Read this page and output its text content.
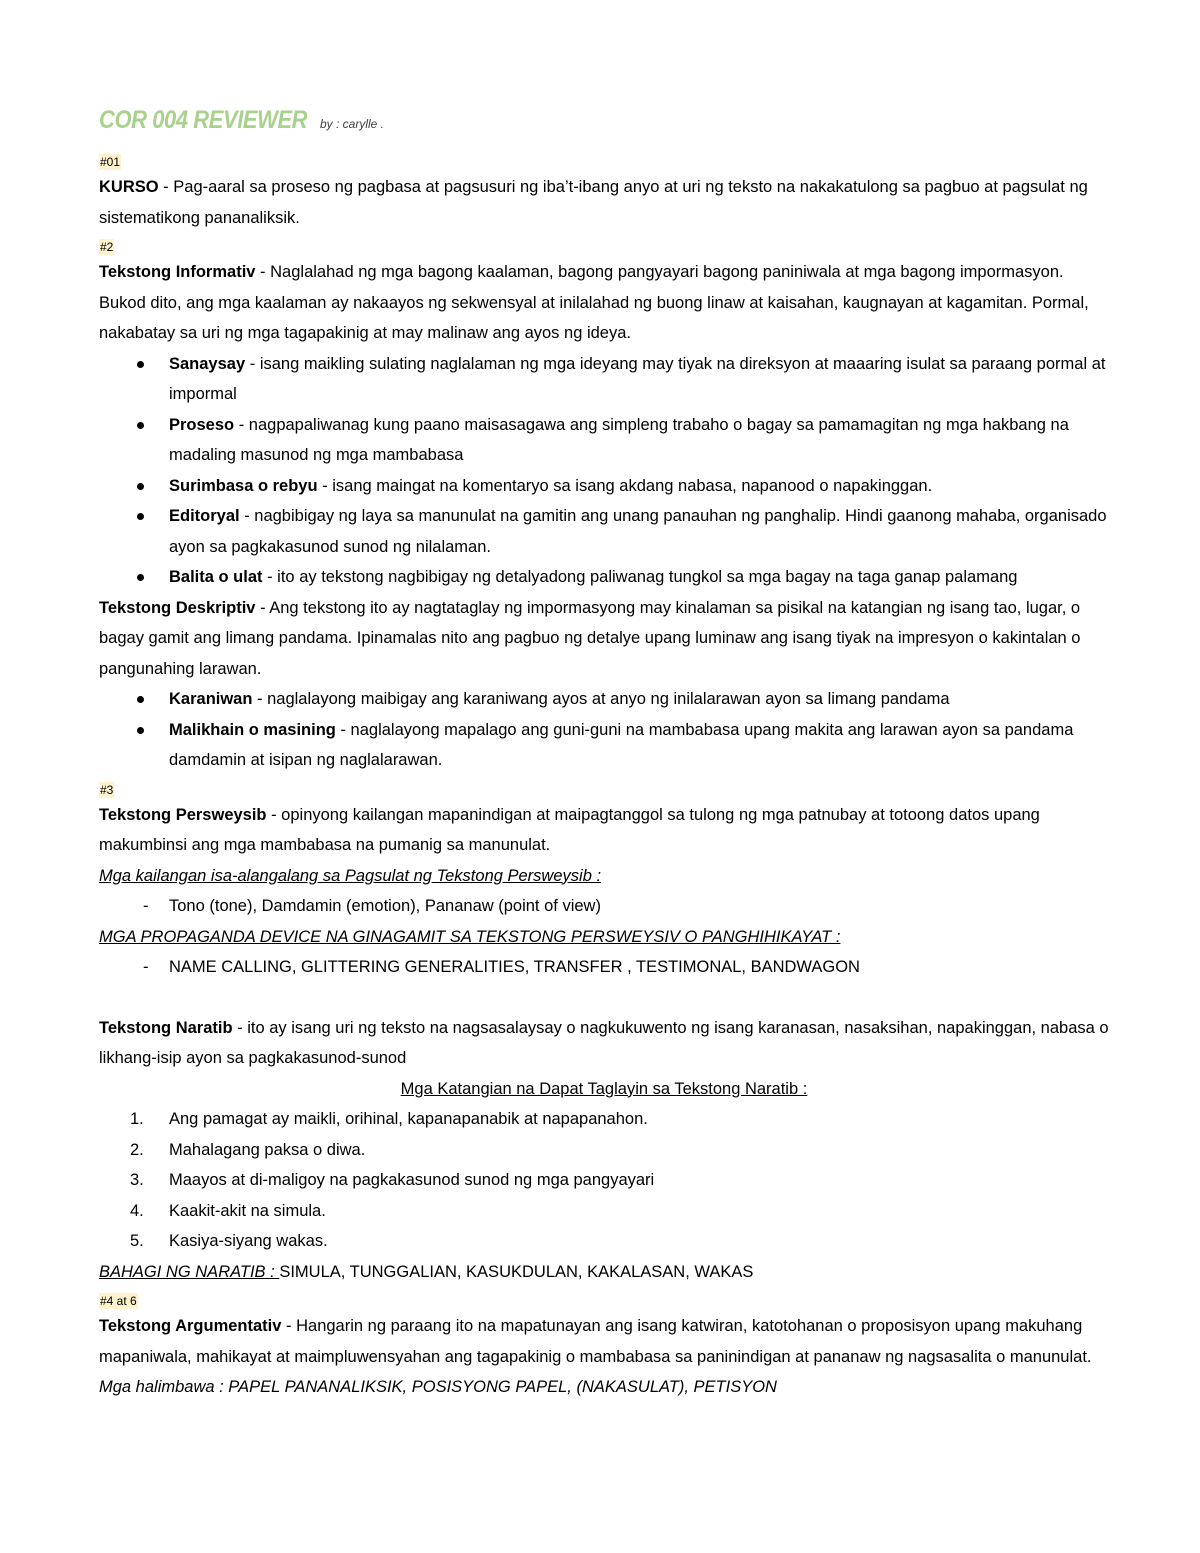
COR 004 REVIEWER by : carylle .
#01
KURSO - Pag-aaral sa proseso ng pagbasa at pagsusuri ng iba’t-ibang anyo at uri ng teksto na nakakatulong sa pagbuo at pagsulat ng sistematikong pananaliksik.
#2
Tekstong Informativ - Naglalahad ng mga bagong kaalaman, bagong pangyayari bagong paniniwala at mga bagong impormasyon. Bukod dito, ang mga kaalaman ay nakaayos ng sekwensyal at inilalahad ng buong linaw at kaisahan, kaugnayan at kagamitan. Pormal, nakabatay sa uri ng mga tagapakinig at may malinaw ang ayos ng ideya.
Sanaysay - isang maikling sulating naglalaman ng mga ideyang may tiyak na direksyon at maaaring isulat sa paraang pormal at impormal
Proseso - nagpapaliwanag kung paano maisasagawa ang simpleng trabaho o bagay sa pamamagitan ng mga hakbang na madaling masunod ng mga mambabasa
Surimbasa o rebyu - isang maingat na komentaryo sa isang akdang nabasa, napanood o napakinggan.
Editoryal - nagbibigay ng laya sa manunulat na gamitin ang unang panauhan ng panghalip. Hindi gaanong mahaba, organisado ayon sa pagkakasunod sunod ng nilalaman.
Balita o ulat - ito ay tekstong nagbibigay ng detalyadong paliwanag tungkol sa mga bagay na taga ganap palamang
Tekstong Deskriptiv - Ang tekstong ito ay nagtataglay ng impormasyong may kinalaman sa pisikal na katangian ng isang tao, lugar, o bagay gamit ang limang pandama. Ipinamalas nito ang pagbuo ng detalye upang luminaw ang isang tiyak na impresyon o kakintalan o pangunahing larawan.
Karaniwan - naglalayong maibigay ang karaniwang ayos at anyo ng inilalarawan ayon sa limang pandama
Malikhain o masining - naglalayong mapalago ang guni-guni na mambabasa upang makita ang larawan ayon sa pandama damdamin at isipan ng naglalarawan.
#3
Tekstong Persweysib - opinyong kailangan mapanindigan at maipagtanggol sa tulong ng mga patnubay at totoong datos upang makumbinsi ang mga mambabasa na pumanig sa manunulat.
Mga kailangan isa-alangalang sa Pagsulat ng Tekstong Persweysib :
- Tono (tone), Damdamin (emotion), Pananaw (point of view)
MGA PROPAGANDA DEVICE NA GINAGAMIT SA TEKSTONG PERSWEYSIV O PANGHIHIKAYAT :
- NAME CALLING, GLITTERING GENERALITIES, TRANSFER , TESTIMONAL, BANDWAGON
Tekstong Naratib - ito ay isang uri ng teksto na nagsasalaysay o nagkukuwento ng isang karanasan, nasaksihan, napakinggan, nabasa o likhang-isip ayon sa pagkakasunod-sunod
Mga Katangian na Dapat Taglayin sa Tekstong Naratib :
1. Ang pamagat ay maikli, orihinal, kapanapanabik at napapanahon.
2. Mahalagang paksa o diwa.
3. Maayos at di-maligoy na pagkakasunod sunod ng mga pangyayari
4. Kaakit-akit na simula.
5. Kasiya-siyang wakas.
BAHAGI NG NARATIB : SIMULA, TUNGGALIAN, KASUKDULAN, KAKALASAN, WAKAS
#4 at 6
Tekstong Argumentativ - Hangarin ng paraang ito na mapatunayan ang isang katwiran, katotohanan o proposisyon upang makuhang mapaniwala, mahikayat at maimpluwensyahan ang tagapakinig o mambabasa sa paninindigan at pananaw ng nagsasalita o manunulat.
Mga halimbawa : PAPEL PANANALIKSIK, POSISYONG PAPEL, (NAKASULAT), PETISYON
